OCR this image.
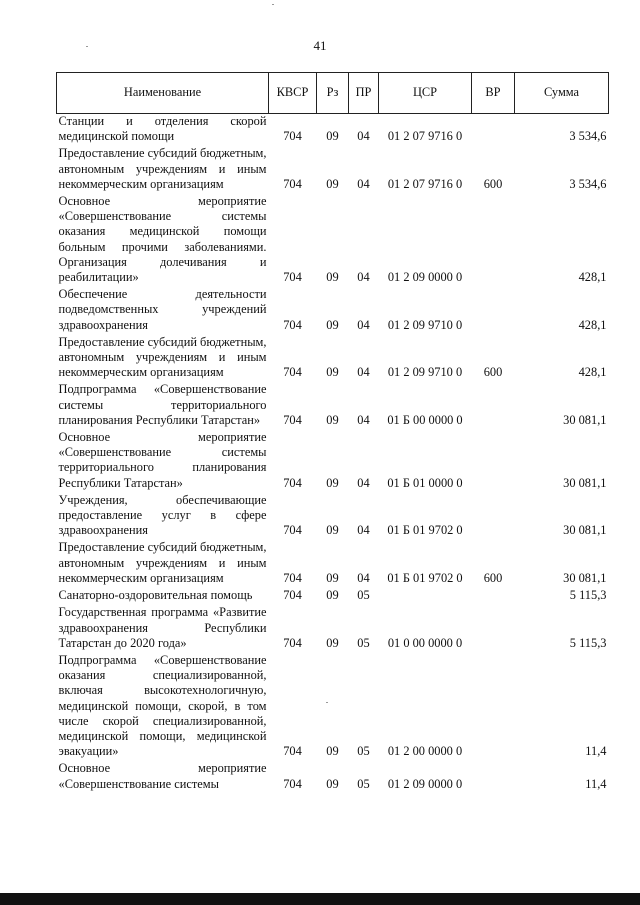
41
Наименование	КВСР	Рз	ПР	ЦСР	ВР	Сумма
Станции и отделения скорой медицинской помощи	704	09	04	01 2 07 9716 0		3 534,6
Предоставление субсидий бюджетным, автономным учреждениям и иным некоммерческим организациям	704	09	04	01 2 07 9716 0	600	3 534,6
Основное мероприятие «Совершенствование системы оказания медицинской помощи больным прочими заболеваниями. Организация долечивания и реабилитации»	704	09	04	01 2 09 0000 0		428,1
Обеспечение деятельности подведомственных учреждений здравоохранения	704	09	04	01 2 09 9710 0		428,1
Предоставление субсидий бюджетным, автономным учреждениям и иным некоммерческим организациям	704	09	04	01 2 09 9710 0	600	428,1
Подпрограмма «Совершенствование системы территориального планирования Республики Татарстан»	704	09	04	01 Б 00 0000 0		30 081,1
Основное мероприятие «Совершенствование системы территориального планирования Республики Татарстан»	704	09	04	01 Б 01 0000 0		30 081,1
Учреждения, обеспечивающие предоставление услуг в сфере здравоохранения	704	09	04	01 Б 01 9702 0		30 081,1
Предоставление субсидий бюджетным, автономным учреждениям и иным некоммерческим организациям	704	09	04	01 Б 01 9702 0	600	30 081,1
Санаторно-оздоровительная помощь	704	09	05			5 115,3
Государственная программа «Развитие здравоохранения Республики Татарстан до 2020 года»	704	09	05	01 0 00 0000 0		5 115,3
Подпрограмма «Совершенствование оказания специализированной, включая высокотехнологичную, медицинской помощи, скорой, в том числе скорой специализированной, медицинской помощи, медицинской эвакуации»	704	09	05	01 2 00 0000 0		11,4
Основное мероприятие «Совершенствование системы	704	09	05	01 2 09 0000 0		11,4
